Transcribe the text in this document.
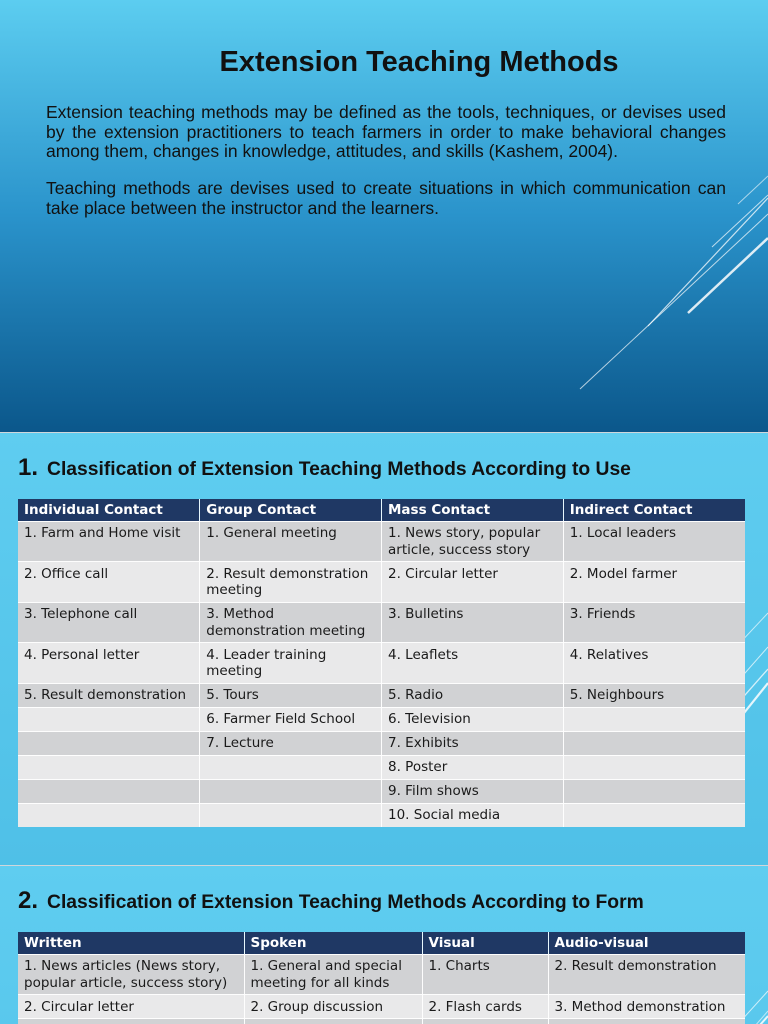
Extension Teaching Methods

Extension teaching methods may be defined as the tools, techniques, or devises used by the extension practitioners to teach farmers in order to make behavioral changes among them, changes in knowledge, attitudes, and skills (Kashem, 2004).

Teaching methods are devises used to create situations in which communication can take place between the instructor and the learners.

1. Classification of Extension Teaching Methods According to Use
Individual Contact	Group Contact	Mass Contact	Indirect Contact
1. Farm and Home visit	1. General meeting	1. News story, popular article, success story	1. Local leaders
2. Office call	2. Result demonstration meeting	2. Circular letter	2. Model farmer
3. Telephone call	3. Method demonstration meeting	3. Bulletins	3. Friends
4. Personal letter	4. Leader training meeting	4. Leaflets	4. Relatives
5. Result demonstration	5. Tours	5. Radio	5. Neighbours
	6. Farmer Field School	6. Television	
	7. Lecture	7. Exhibits	
		8. Poster	
		9. Film shows	
		10. Social media	
2. Classification of Extension Teaching Methods According to Form
Written	Spoken	Visual	Audio-visual
1. News articles (News story, popular article, success story)	1. General and special meeting for all kinds	1. Charts	2. Result demonstration
2. Circular letter	2. Group discussion	2. Flash cards	3. Method demonstration
